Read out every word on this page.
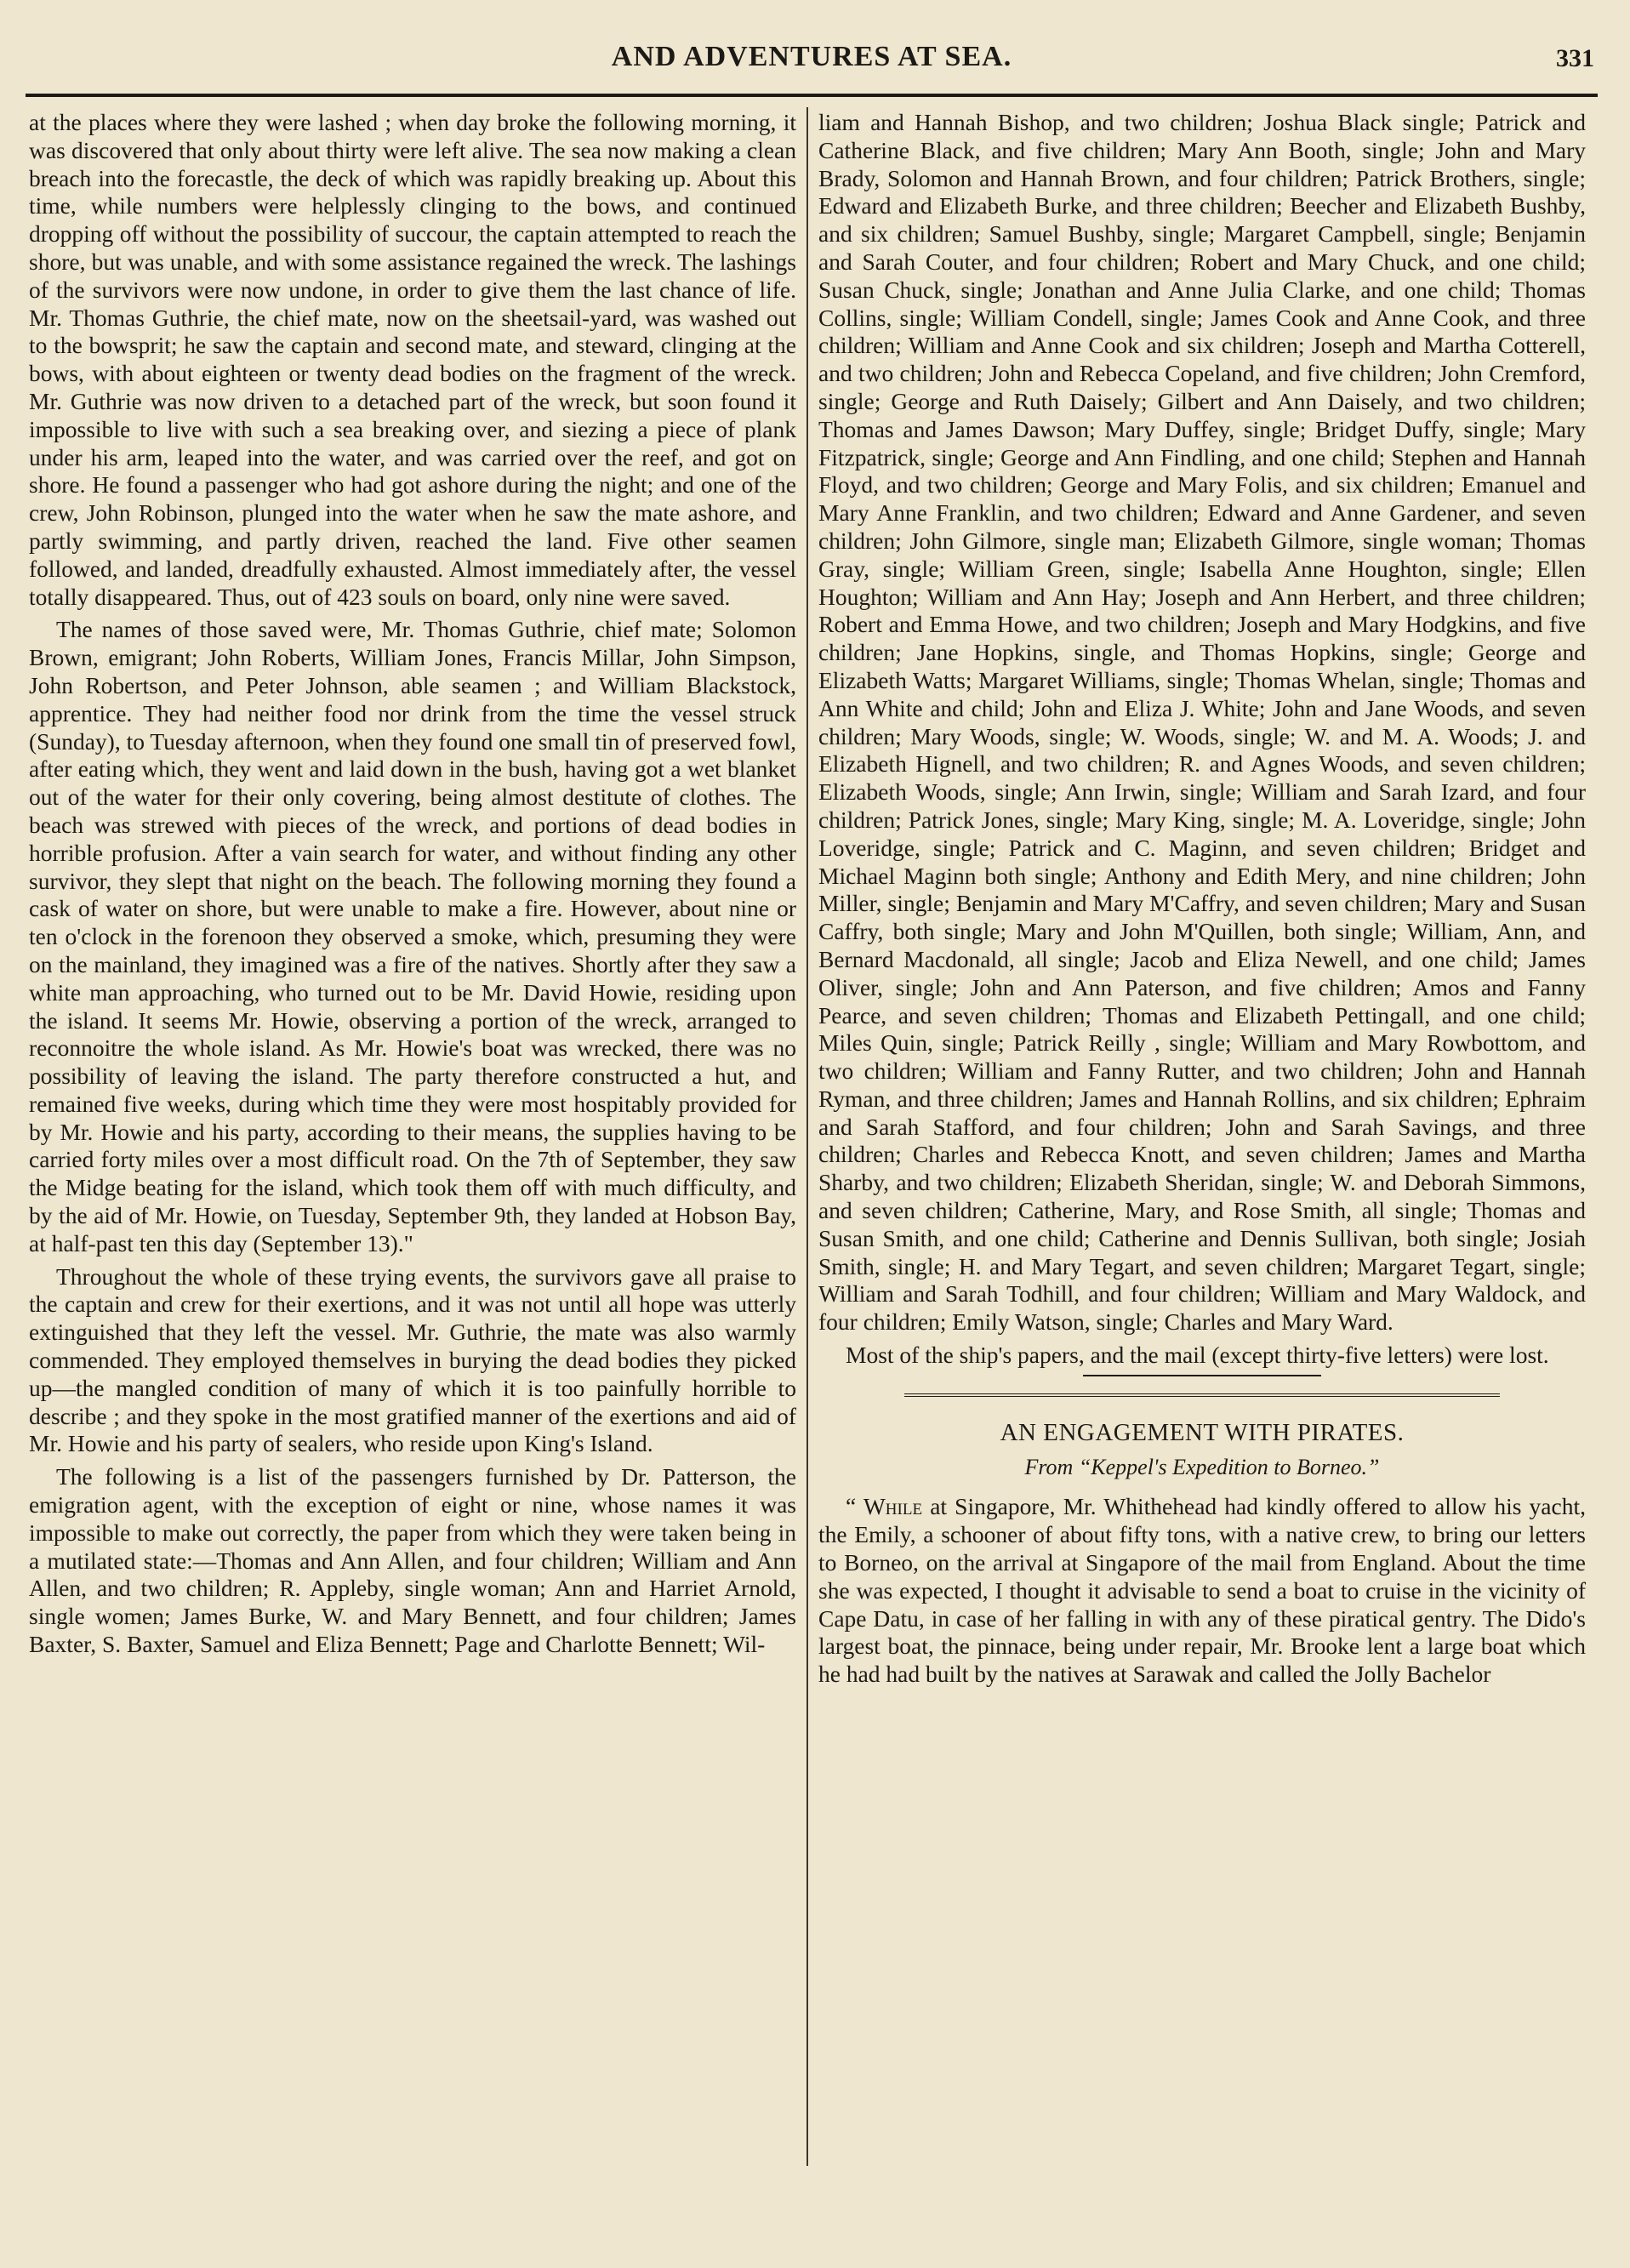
AND ADVENTURES AT SEA.	331

at the places where they were lashed ; when day broke the following morning, it was discovered that only about thirty were left alive. The sea now making a clean breach into the forecastle, the deck of which was rapidly breaking up. About this time, while numbers were helplessly clinging to the bows, and continued dropping off without the possibility of succour, the captain attempted to reach the shore, but was unable, and with some assistance regained the wreck. The lashings of the survivors were now undone, in order to give them the last chance of life. Mr. Thomas Guthrie, the chief mate, now on the sheetsail-yard, was washed out to the bowsprit; he saw the captain and second mate, and steward, clinging at the bows, with about eighteen or twenty dead bodies on the fragment of the wreck. Mr. Guthrie was now driven to a detached part of the wreck, but soon found it impossible to live with such a sea breaking over, and siezing a piece of plank under his arm, leaped into the water, and was carried over the reef, and got on shore. He found a passenger who had got ashore during the night; and one of the crew, John Robinson, plunged into the water when he saw the mate ashore, and partly swimming, and partly driven, reached the land. Five other seamen followed, and landed, dreadfully exhausted. Almost immediately after, the vessel totally disappeared. Thus, out of 423 souls on board, only nine were saved.

The names of those saved were, Mr. Thomas Guthrie, chief mate; Solomon Brown, emigrant; John Roberts, William Jones, Francis Millar, John Simpson, John Robertson, and Peter Johnson, able seamen ; and William Blackstock, apprentice. They had neither food nor drink from the time the vessel struck (Sunday), to Tuesday afternoon, when they found one small tin of preserved fowl, after eating which, they went and laid down in the bush, having got a wet blanket out of the water for their only covering, being almost destitute of clothes. The beach was strewed with pieces of the wreck, and portions of dead bodies in horrible profusion. After a vain search for water, and without finding any other survivor, they slept that night on the beach. The following morning they found a cask of water on shore, but were unable to make a fire. However, about nine or ten o'clock in the forenoon they observed a smoke, which, presuming they were on the mainland, they imagined was a fire of the natives. Shortly after they saw a white man approaching, who turned out to be Mr. David Howie, residing upon the island. It seems Mr. Howie, observing a portion of the wreck, arranged to reconnoitre the whole island. As Mr. Howie's boat was wrecked, there was no possibility of leaving the island. The party therefore constructed a hut, and remained five weeks, during which time they were most hospitably provided for by Mr. Howie and his party, according to their means, the supplies having to be carried forty miles over a most difficult road. On the 7th of September, they saw the Midge beating for the island, which took them off with much difficulty, and by the aid of Mr. Howie, on Tuesday, September 9th, they landed at Hobson Bay, at half-past ten this day (September 13)."

Throughout the whole of these trying events, the survivors gave all praise to the captain and crew for their exertions, and it was not until all hope was utterly extinguished that they left the vessel. Mr. Guthrie, the mate was also warmly commended. They employed themselves in burying the dead bodies they picked up—the mangled condition of many of which it is too painfully horrible to describe ; and they spoke in the most gratified manner of the exertions and aid of Mr. Howie and his party of sealers, who reside upon King's Island.

The following is a list of the passengers furnished by Dr. Patterson, the emigration agent, with the exception of eight or nine, whose names it was impossible to make out correctly, the paper from which they were taken being in a mutilated state:—Thomas and Ann Allen, and four children; William and Ann Allen, and two children; R. Appleby, single woman; Ann and Harriet Arnold, single women; James Burke, W. and Mary Bennett, and four children; James Baxter, S. Baxter, Samuel and Eliza Bennett; Page and Charlotte Bennett; Wil-

liam and Hannah Bishop, and two children; Joshua Black single; Patrick and Catherine Black, and five children; Mary Ann Booth, single; John and Mary Brady, Solomon and Hannah Brown, and four children; Patrick Brothers, single; Edward and Elizabeth Burke, and three children; Beecher and Elizabeth Bushby, and six children; Samuel Bushby, single; Margaret Campbell, single; Benjamin and Sarah Couter, and four children; Robert and Mary Chuck, and one child; Susan Chuck, single; Jonathan and Anne Julia Clarke, and one child; Thomas Collins, single; William Condell, single; James Cook and Anne Cook, and three children; William and Anne Cook and six children; Joseph and Martha Cotterell, and two children; John and Rebecca Copeland, and five children; John Cremford, single; George and Ruth Daisely; Gilbert and Ann Daisely, and two children; Thomas and James Dawson; Mary Duffey, single; Bridget Duffy, single; Mary Fitzpatrick, single; George and Ann Findling, and one child; Stephen and Hannah Floyd, and two children; George and Mary Folis, and six children; Emanuel and Mary Anne Franklin, and two children; Edward and Anne Gardener, and seven children; John Gilmore, single man; Elizabeth Gilmore, single woman; Thomas Gray, single; William Green, single; Isabella Anne Houghton, single; Ellen Houghton; William and Ann Hay; Joseph and Ann Herbert, and three children; Robert and Emma Howe, and two children; Joseph and Mary Hodgkins, and five children; Jane Hopkins, single, and Thomas Hopkins, single; George and Elizabeth Watts; Margaret Williams, single; Thomas Whelan, single; Thomas and Ann White and child; John and Eliza J. White; John and Jane Woods, and seven children; Mary Woods, single; W. Woods, single; W. and M. A. Woods; J. and Elizabeth Hignell, and two children; R. and Agnes Woods, and seven children; Elizabeth Woods, single; Ann Irwin, single; William and Sarah Izard, and four children; Patrick Jones, single; Mary King, single; M. A. Loveridge, single; John Loveridge, single; Patrick and C. Maginn, and seven children; Bridget and Michael Maginn both single; Anthony and Edith Mery, and nine children; John Miller, single; Benjamin and Mary M'Caffry, and seven children; Mary and Susan Caffry, both single; Mary and John M'Quillen, both single; William, Ann, and Bernard Macdonald, all single; Jacob and Eliza Newell, and one child; James Oliver, single; John and Ann Paterson, and five children; Amos and Fanny Pearce, and seven children; Thomas and Elizabeth Pettingall, and one child; Miles Quin, single; Patrick Reilly , single; William and Mary Rowbottom, and two children; William and Fanny Rutter, and two children; John and Hannah Ryman, and three children; James and Hannah Rollins, and six children; Ephraim and Sarah Stafford, and four children; John and Sarah Savings, and three children; Charles and Rebecca Knott, and seven children; James and Martha Sharby, and two children; Elizabeth Sheridan, single; W. and Deborah Simmons, and seven children; Catherine, Mary, and Rose Smith, all single; Thomas and Susan Smith, and one child; Catherine and Dennis Sullivan, both single; Josiah Smith, single; H. and Mary Tegart, and seven children; Margaret Tegart, single; William and Sarah Todhill, and four children; William and Mary Waldock, and four children; Emily Watson, single; Charles and Mary Ward.

Most of the ship's papers, and the mail (except thirty-five letters) were lost.

AN ENGAGEMENT WITH PIRATES.
From “Keppel's Expedition to Borneo.”

“ While at Singapore, Mr. Whithehead had kindly offered to allow his yacht, the Emily, a schooner of about fifty tons, with a native crew, to bring our letters to Borneo, on the arrival at Singapore of the mail from England. About the time she was expected, I thought it advisable to send a boat to cruise in the vicinity of Cape Datu, in case of her falling in with any of these piratical gentry. The Dido's largest boat, the pinnace, being under repair, Mr. Brooke lent a large boat which he had had built by the natives at Sarawak and called the Jolly Bachelor
